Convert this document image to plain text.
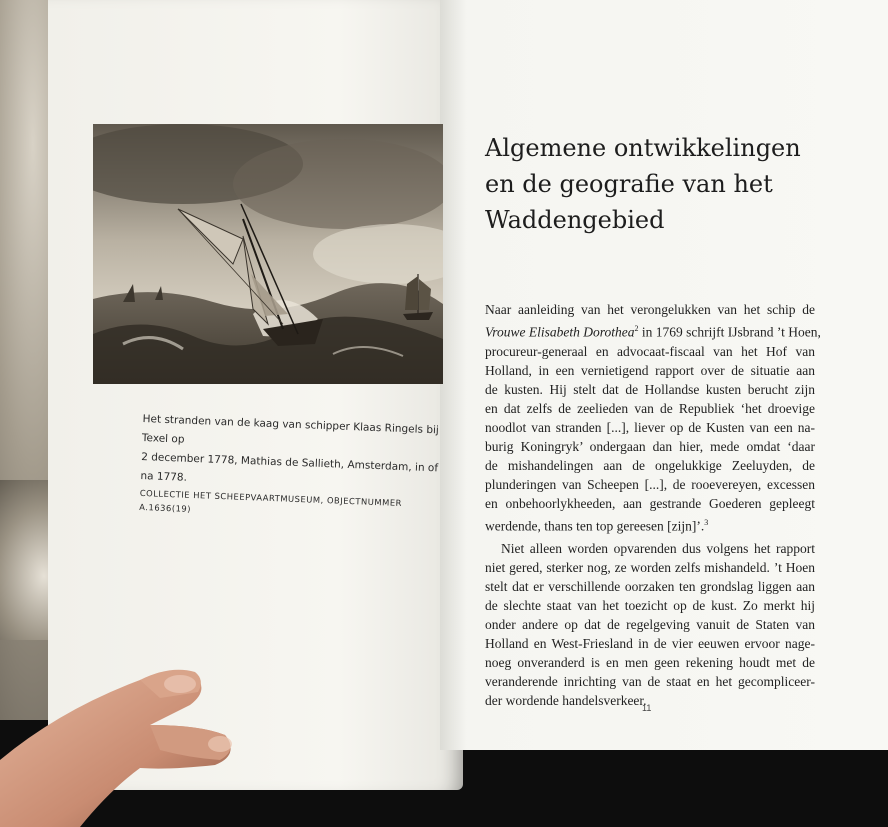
Het stranden van de kaag van schipper Klaas Ringels bij Texel op

2 december 1778, Mathias de Sallieth, Amsterdam, in of na 1778.

COLLECTIE HET SCHEEPVAARTMUSEUM, OBJECTNUMMER A.1636(19)

Algemene ontwikkelingen
en de geografie van het
Waddengebied
Naar aanleiding van het verongelukken van het schip de
Vrouwe Elisabeth Dorothea$^2$ in 1769 schrijft IJsbrand ’t Hoen,
procureur-generaal en advocaat-fiscaal van het Hof van
Holland, in een vernietigend rapport over de situatie aan
de kusten. Hij stelt dat de Hollandse kusten berucht zijn
en dat zelfs de zeelieden van de Republiek ‘het droevige
noodlot van stranden [...], liever op de Kusten van een na-
burig Koningryk’ ondergaan dan hier, mede omdat ‘daar
de mishandelingen aan de ongelukkige Zeeluyden, de
plunderingen van Scheepen [...], de rooevereyen, excessen
en onbehoorlykheeden, aan gestrande Goederen gepleegt
werdende, thans ten top gereesen [zijn]’.$^3$
Niet alleen worden opvarenden dus volgens het rapport
niet gered, sterker nog, ze worden zelfs mishandeld. ’t Hoen
stelt dat er verschillende oorzaken ten grondslag liggen aan
de slechte staat van het toezicht op de kust. Zo merkt hij
onder andere op dat de regelgeving vanuit de Staten van
Holland en West-Friesland in de vier eeuwen ervoor nage-
noeg onveranderd is en men geen rekening houdt met de
veranderende inrichting van de staat en het gecompliceer-
der wordende handelsverkeer.
11
